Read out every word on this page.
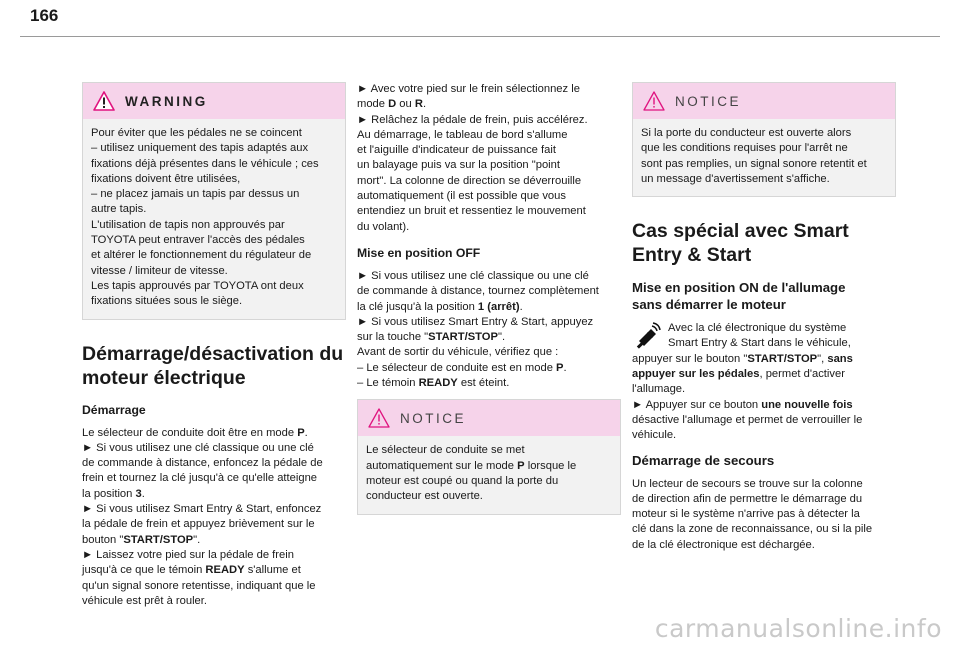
166
WARNING

Pour éviter que les pédales ne se coincent

– utilisez uniquement des tapis adaptés aux

fixations déjà présentes dans le véhicule ; ces

fixations doivent être utilisées,

– ne placez jamais un tapis par dessus un

autre tapis.

L'utilisation de tapis non approuvés par

TOYOTA peut entraver l'accès des pédales

et altérer le fonctionnement du régulateur de

vitesse / limiteur de vitesse.

Les tapis approuvés par TOYOTA ont deux

fixations situées sous le siège.

Démarrage/désactivation du
moteur électrique
Démarrage

Le sélecteur de conduite doit être en mode P.

► Si vous utilisez une clé classique ou une clé

de commande à distance, enfoncez la pédale de

frein et tournez la clé jusqu'à ce qu'elle atteigne

la position 3.

► Si vous utilisez Smart Entry & Start, enfoncez

la pédale de frein et appuyez brièvement sur le

bouton "START/STOP".

► Laissez votre pied sur la pédale de frein

jusqu'à ce que le témoin READY s'allume et

qu'un signal sonore retentisse, indiquant que le

véhicule est prêt à rouler.

► Avec votre pied sur le frein sélectionnez le

mode D ou R.

► Relâchez la pédale de frein, puis accélérez.

Au démarrage, le tableau de bord s'allume

et l'aiguille d'indicateur de puissance fait

un balayage puis va sur la position "point

mort". La colonne de direction se déverrouille

automatiquement (il est possible que vous

entendiez un bruit et ressentiez le mouvement

du volant).

Mise en position OFF

► Si vous utilisez une clé classique ou une clé

de commande à distance, tournez complètement

la clé jusqu'à la position 1 (arrêt).

► Si vous utilisez Smart Entry & Start, appuyez

sur la touche "START/STOP".

Avant de sortir du véhicule, vérifiez que :

– Le sélecteur de conduite est en mode P.

– Le témoin READY est éteint.

NOTICE

Le sélecteur de conduite se met

automatiquement sur le mode P lorsque le

moteur est coupé ou quand la porte du

conducteur est ouverte.

NOTICE

Si la porte du conducteur est ouverte alors

que les conditions requises pour l'arrêt ne

sont pas remplies, un signal sonore retentit et

un message d'avertissement s'affiche.

Cas spécial avec Smart
Entry & Start
Mise en position ON de l'allumage
sans démarrer le moteur

Avec la clé électronique du système

Smart Entry & Start dans le véhicule,

appuyer sur le bouton "START/STOP", sans

appuyer sur les pédales, permet d'activer

l'allumage.

► Appuyer sur ce bouton une nouvelle fois

désactive l'allumage et permet de verrouiller le

véhicule.

Démarrage de secours

Un lecteur de secours se trouve sur la colonne

de direction afin de permettre le démarrage du

moteur si le système n'arrive pas à détecter la

clé dans la zone de reconnaissance, ou si la pile

de la clé électronique est déchargée.

carmanualsonline.info
